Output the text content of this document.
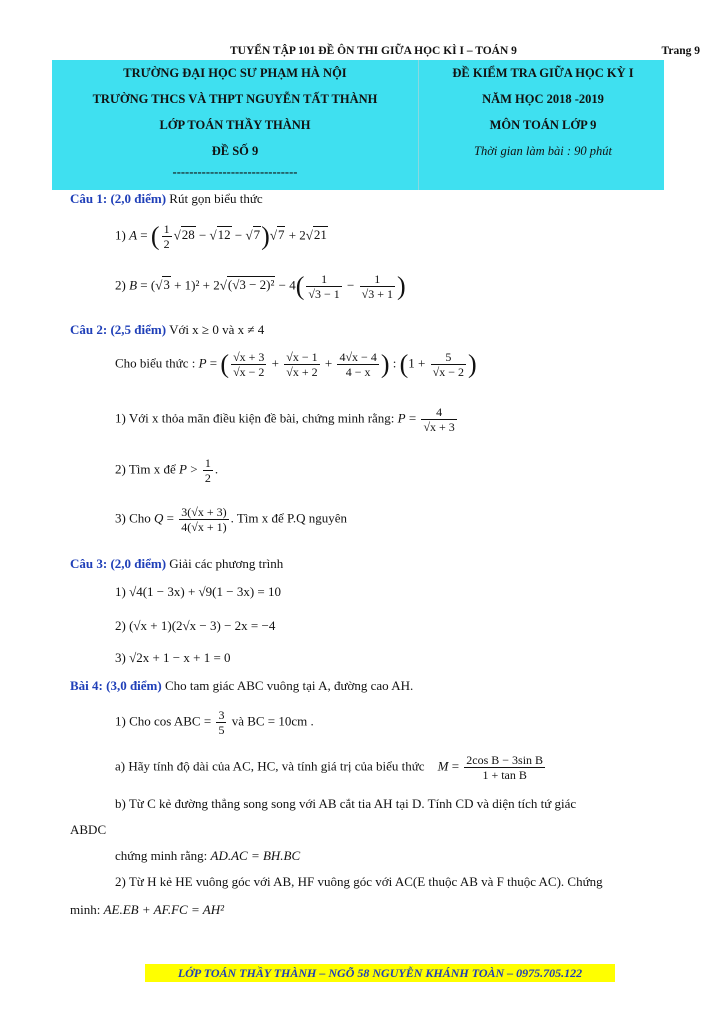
TUYỂN TẬP 101 ĐỀ ÔN THI GIỮA HỌC KÌ I – TOÁN 9	Trang 9
TRƯỜNG ĐẠI HỌC SƯ PHẠM HÀ NỘI
TRƯỜNG THCS VÀ THPT NGUYỄN TẤT THÀNH
LỚP TOÁN THẦY THÀNH
ĐỀ SỐ 9
------------------------------
ĐỀ KIỂM TRA GIỮA HỌC KỲ I
NĂM HỌC 2018 -2019
MÔN TOÁN LỚP 9
Thời gian làm bài : 90 phút
Câu 1: (2,0 điểm) Rút gọn biểu thức
1) A = ( $\frac{1}{2} √28 - √12 - √7)√7 + 2√21$
2) $B = (√3 + 1)^2 + 2√(√3 - 2)^2 - 4( \frac{1}{√3 - 1} - \frac{1}{√3 + 1}$ )
Câu 2: (2,5 điểm) Với x ≥ 0 và x ≠ 4
Cho biểu thức : P = ( $\frac{√x + 3}{√x - 2} + \frac{√x - 1}{√x + 2} + \frac{4√x - 4}{4 - x}$ ) : ($1 + \frac{5}{√x - 2}$ )
1) Với x thỏa mãn điều kiện đề bài, chứng minh rằng: $P = \frac{4}{√x + 3}$
2) Tìm x để $P > \frac{1}{2}$ .
3) Cho $Q = \frac{3(√x + 3)}{4(√x + 1)}$ . Tìm x để P.Q nguyên
Câu 3: (2,0 điểm) Giải các phương trình
1) √4(1 − 3x) + √9(1 − 3x) = 10
2) (√x + 1)(2√x − 3) − 2x = −4
3) √2x + 1 − x + 1 = 0
Bài 4: (3,0 điểm) Cho tam giác ABC vuông tại A, đường cao AH.
1) Cho cos ABC = $\frac{3}{5}$ và BC = 10cm .
a) Hãy tính độ dài của AC, HC, và tính giá trị của biểu thức $M = \frac{\text{2cos B − 3sin B}}{\text{1 + tan B}}$
b) Từ C kẻ đường thẳng song song với AB cắt tia AH tại D. Tính CD và diện tích tứ giác
ABDC
chứng minh rằng: AD.AC = BH.BC
2) Từ H kẻ HE vuông góc với AB, HF vuông góc với AC(E thuộc AB và F thuộc AC). Chứng
minh: AE.EB + AF.FC = AH²
LỚP TOÁN THẦY THÀNH – NGÕ 58 NGUYỄN KHÁNH TOÀN – 0975.705.122
